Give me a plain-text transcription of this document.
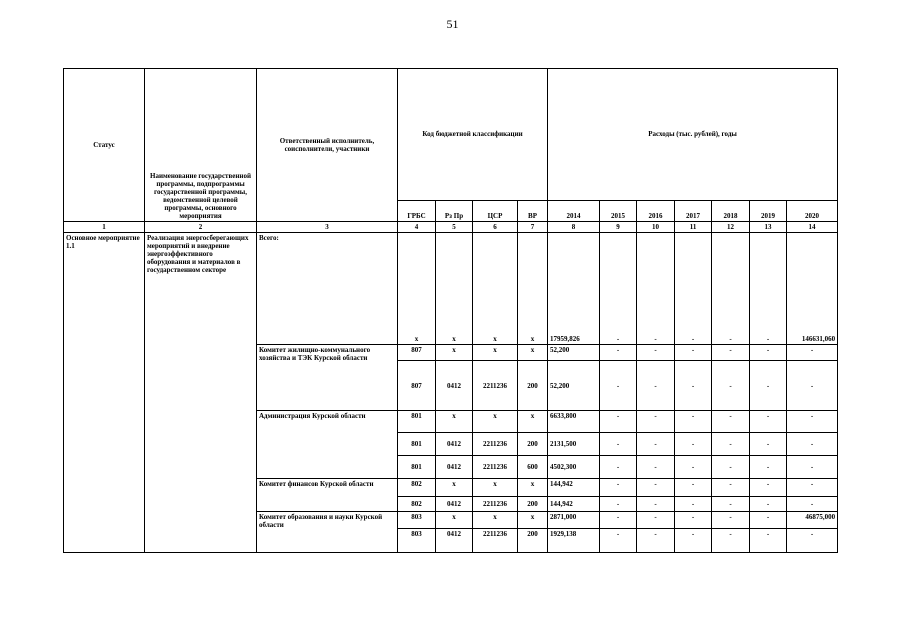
51
Статус	Наименование государственной программы, подпрограммы государственной программы, ведомственной целевой программы, основного мероприятия	Ответственный исполнитель, соисполнители, участники	Код бюджетной классификации				Расходы (тыс. рублей), годы						
			ГРБС	Рз Пр	ЦСР	ВР	2014	2015	2016	2017	2018	2019	2020
1	2	3	4	5	6	7	8	9	10	11	12	13	14
Основное мероприятие 1.1	Реализация энергосберегающих мероприятий и внедрение энергоэффективного оборудования и материалов в государственном секторе	Всего:	х	х	х	х	17959,826	-	-	-	-	-	146631,060
		Комитет жилищно-коммунального хозяйства и ТЭК Курской области	807	х	х	х	52,200	-	-	-	-	-	-
			807	0412	2211236	200	52,200	-	-	-	-	-	-
		Администрация Курской области	801	х	х	х	6633,800	-	-	-	-	-	-
			801	0412	2211236	200	2131,500	-	-	-	-	-	-
			801	0412	2211236	600	4502,300	-	-	-	-	-	-
		Комитет финансов Курской области	802	х	х	х	144,942	-	-	-	-	-	-
			802	0412	2211236	200	144,942	-	-	-	-	-	-
		Комитет образования и науки Курской области	803	х	х	х	2871,000	-	-	-	-	-	46875,000
			803	0412	2211236	200	1929,138	-	-	-	-	-	-
